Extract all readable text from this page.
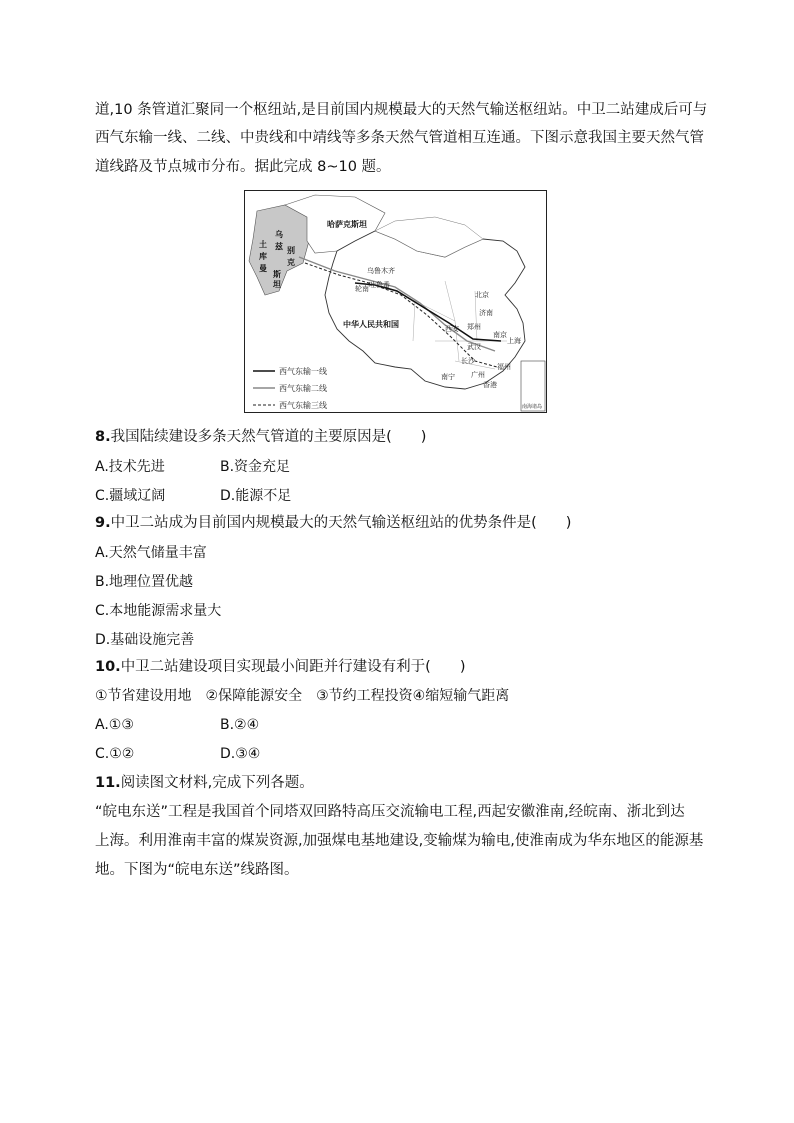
道,10 条管道汇聚同一个枢纽站,是目前国内规模最大的天然气输送枢纽站。中卫二站建成后可与
西气东输一线、二线、中贵线和中靖线等多条天然气管道相互连通。下图示意我国主要天然气管
道线路及节点城市分布。据此完成 8~10 题。
哈萨克斯坦
中华人民共和国
土
库
曼
乌
兹 别
克
斯
坦
乌鲁木齐
吐鲁番
轮南
北京
济南
郑州
西安
南京
上海
武汉
长沙
广州
福州
南宁
香港
南海诸岛
西气东输一线
西气东输二线
西气东输三线
8.我国陆续建设多条天然气管道的主要原因是(　　)
A.技术先进	B.资金充足
C.疆域辽阔	D.能源不足
9.中卫二站成为目前国内规模最大的天然气输送枢纽站的优势条件是(　　)
A.天然气储量丰富
B.地理位置优越
C.本地能源需求量大
D.基础设施完善
10.中卫二站建设项目实现最小间距并行建设有利于(　　)
①节省建设用地　②保障能源安全　③节约工程投资④缩短输气距离
A.①③	B.②④
C.①②	D.③④
11.阅读图文材料,完成下列各题。
“皖电东送”工程是我国首个同塔双回路特高压交流输电工程,西起安徽淮南,经皖南、浙北到达
上海。利用淮南丰富的煤炭资源,加强煤电基地建设,变输煤为输电,使淮南成为华东地区的能源基
地。下图为“皖电东送”线路图。
